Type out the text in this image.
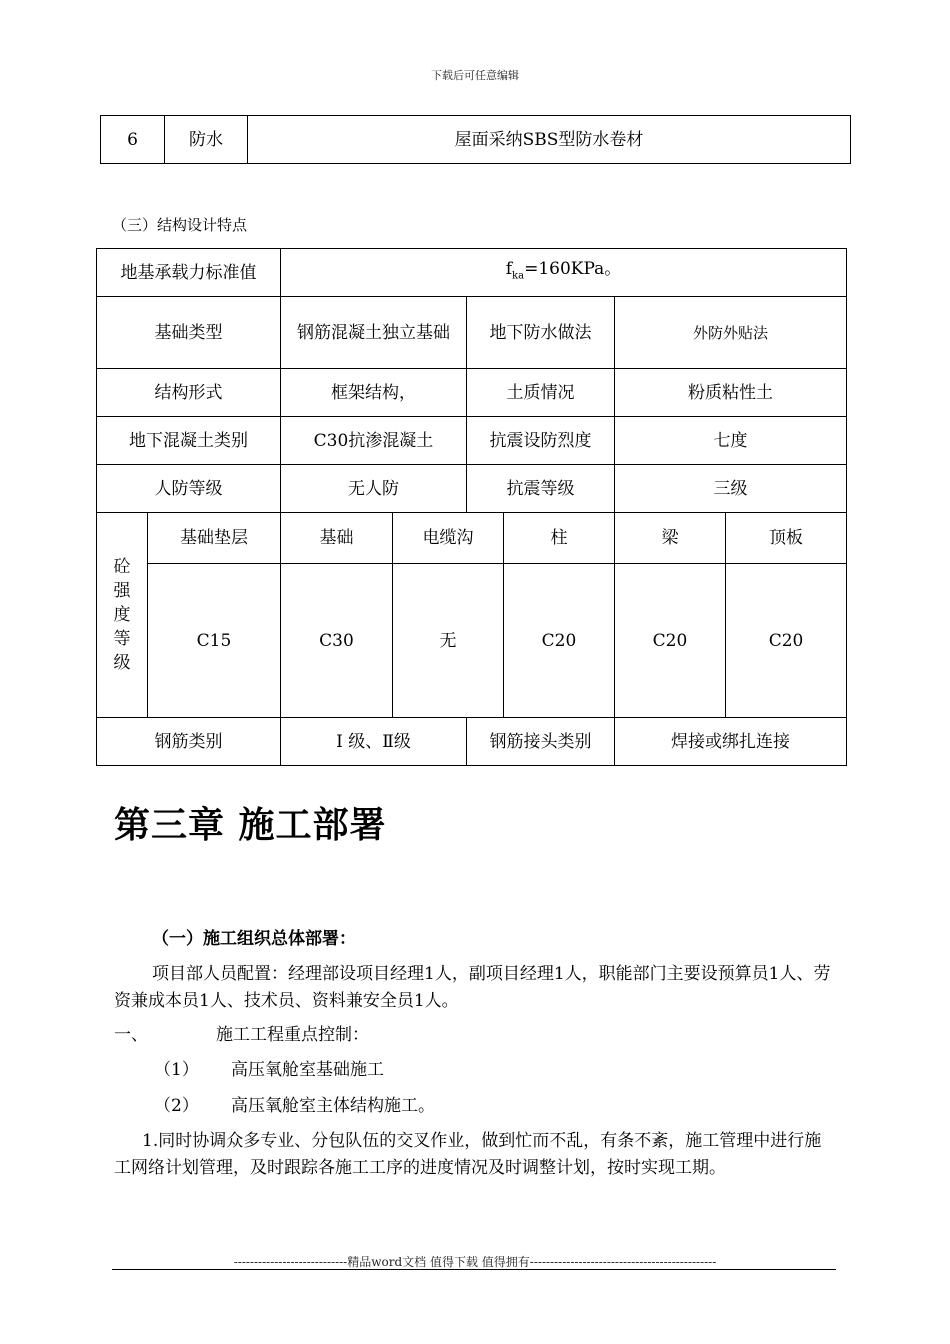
下载后可任意编辑
6	防水	屋面采纳SBS型防水卷材
（三）结构设计特点
地基承载力标准值		$f_{ka}=160KPa$。					
基础类型		钢筋混凝土独立基础		地下防水做法		外防外贴法	
结构形式		框架结构，		土质情况		粉质粘性土	
地下混凝土类别		C30抗渗混凝土		抗震设防烈度		七度	
人防等级		无人防		抗震等级		三级	
砼
强
度
等
级	基础垫层	基础	电缆沟		柱	梁	顶板
	C15	C30	无		C20	C20	C20
钢筋类别		Ⅰ 级、Ⅱ级		钢筋接头类别		焊接或绑扎连接	
第三章 施工部署
（一）施工组织总体部署：
项目部人员配置：经理部设项目经理1人，副项目经理1人，职能部门主要设预算员1人、劳资兼成本员1人、技术员、资料兼安全员1人。
一、	施工工程重点控制：
（1） 高压氧舱室基础施工
（2） 高压氧舱室主体结构施工。
1.同时协调众多专业、分包队伍的交叉作业，做到忙而不乱，有条不紊，施工管理中进行施工网络计划管理，及时跟踪各施工工序的进度情况及时调整计划，按时实现工期。
----------------------------精品word文档 值得下载 值得拥有----------------------------------------------
